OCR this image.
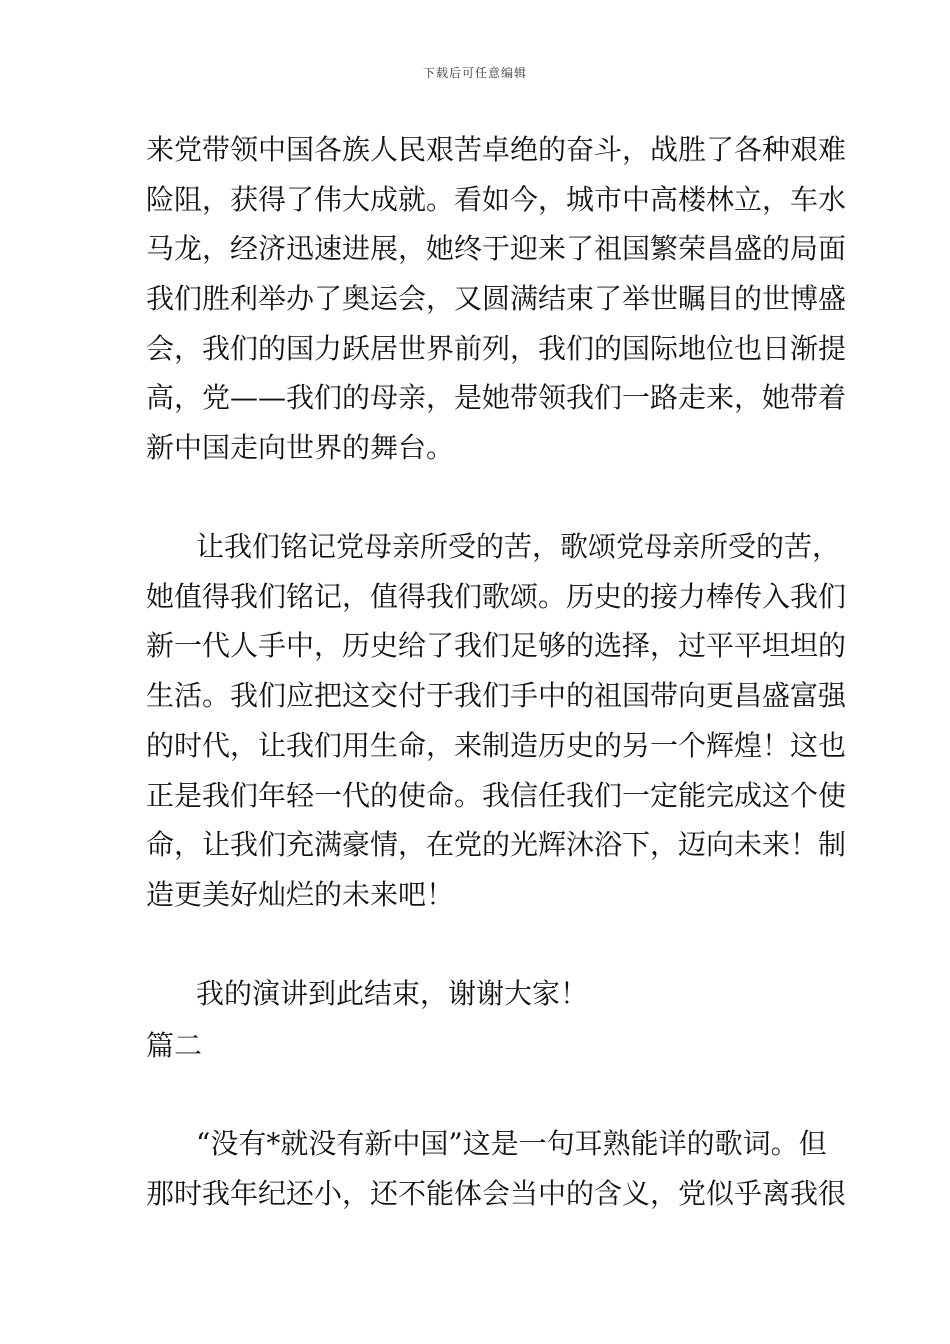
下载后可任意编辑
来党带领中国各族人民艰苦卓绝的奋斗，战胜了各种艰难
险阻，获得了伟大成就。看如今，城市中高楼林立，车水
马龙，经济迅速进展，她终于迎来了祖国繁荣昌盛的局面
我们胜利举办了奥运会，又圆满结束了举世瞩目的世博盛
会，我们的国力跃居世界前列，我们的国际地位也日渐提
高，党——我们的母亲，是她带领我们一路走来，她带着
新中国走向世界的舞台。
让我们铭记党母亲所受的苦，歌颂党母亲所受的苦，
她值得我们铭记，值得我们歌颂。历史的接力棒传入我们
新一代人手中，历史给了我们足够的选择，过平平坦坦的
生活。我们应把这交付于我们手中的祖国带向更昌盛富强
的时代，让我们用生命，来制造历史的另一个辉煌！这也
正是我们年轻一代的使命。我信任我们一定能完成这个使
命，让我们充满豪情，在党的光辉沐浴下，迈向未来！制
造更美好灿烂的未来吧！
我的演讲到此结束，谢谢大家！
篇二
“没有*就没有新中国”这是一句耳熟能详的歌词。但
那时我年纪还小，还不能体会当中的含义，党似乎离我很
